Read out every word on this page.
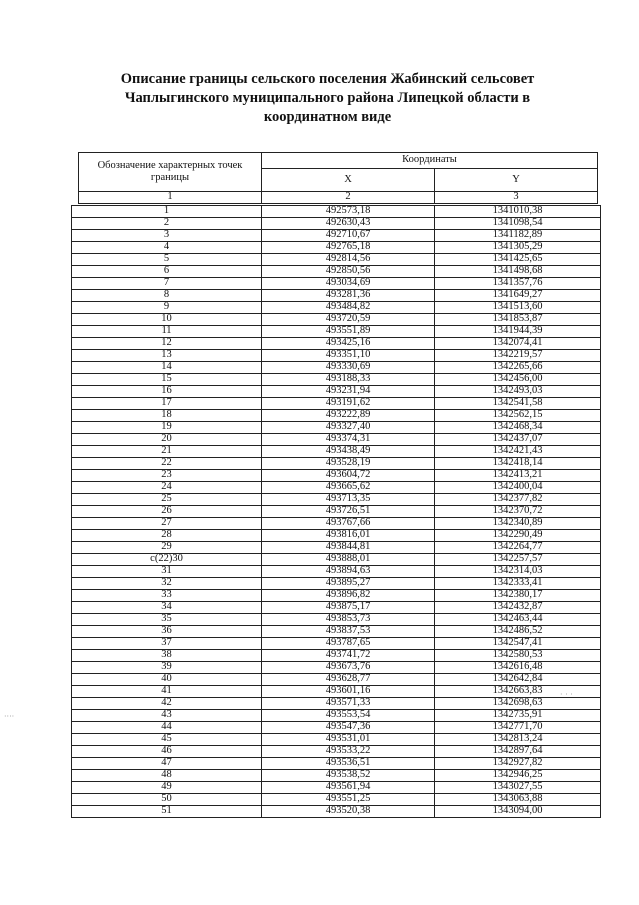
Описание границы сельского поселения Жабинский сельсовет
Чаплыгинского муниципального района Липецкой области в
координатном виде
Обозначение характерных точек границы	Координаты	
	X	Y
1	2	3
1	492573,18	1341010,38
2	492630,43	1341098,54
3	492710,67	1341182,89
4	492765,18	1341305,29
5	492814,56	1341425,65
6	492850,56	1341498,68
7	493034,69	1341357,76
8	493281,36	1341649,27
9	493484,82	1341513,60
10	493720,59	1341853,87
11	493551,89	1341944,39
12	493425,16	1342074,41
13	493351,10	1342219,57
14	493330,69	1342265,66
15	493188,33	1342456,00
16	493231,94	1342493,03
17	493191,62	1342541,58
18	493222,89	1342562,15
19	493327,40	1342468,34
20	493374,31	1342437,07
21	493438,49	1342421,43
22	493528,19	1342418,14
23	493604,72	1342413,21
24	493665,62	1342400,04
25	493713,35	1342377,82
26	493726,51	1342370,72
27	493767,66	1342340,89
28	493816,01	1342290,49
29	493844,81	1342264,77
с(22)30	493888,01	1342257,57
31	493894,63	1342314,03
32	493895,27	1342333,41
33	493896,82	1342380,17
34	493875,17	1342432,87
35	493853,73	1342463,44
36	493837,53	1342486,52
37	493787,65	1342547,41
38	493741,72	1342580,53
39	493673,76	1342616,48
40	493628,77	1342642,84
41	493601,16	1342663,83
42	493571,33	1342698,63
43	493553,54	1342735,91
44	493547,36	1342771,70
45	493531,01	1342813,24
46	493533,22	1342897,64
47	493536,51	1342927,82
48	493538,52	1342946,25
49	493561,94	1343027,55
50	493551,25	1343063,88
51	493520,38	1343094,00
· · ·
····
